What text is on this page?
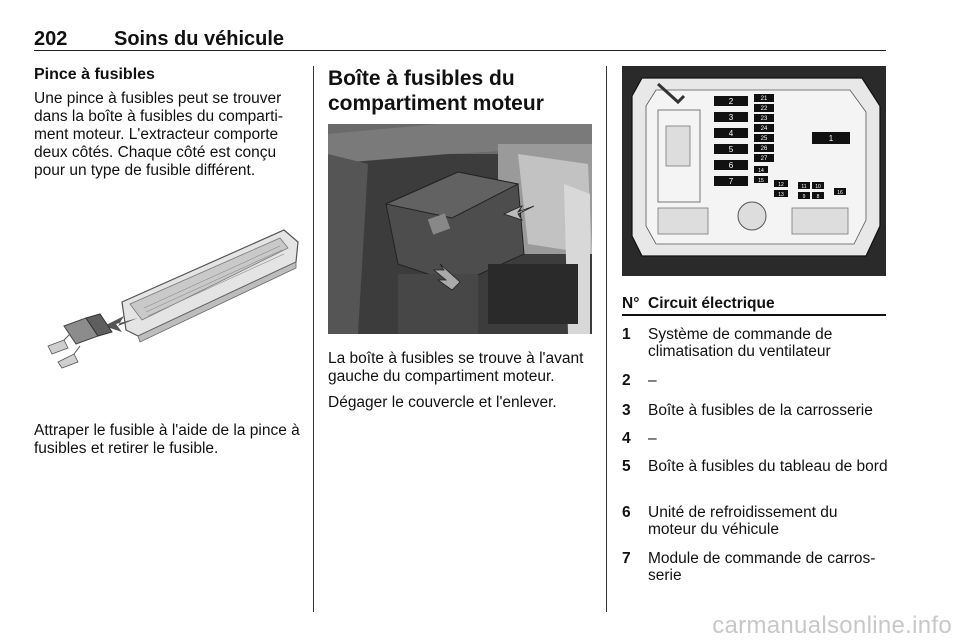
202 Soins du véhicule
Pince à fusibles

Une pince à fusibles peut se trouver dans la boîte à fusibles du comparti-ment moteur. L'extracteur comporte deux côtés. Chaque côté est conçu pour un type de fusible différent.

Attraper le fusible à l'aide de la pince à fusibles et retirer le fusible.

Boîte à fusibles du
compartiment moteur

La boîte à fusibles se trouve à l'avant gauche du compartiment moteur.

Dégager le couvercle et l'enlever.

2
3
4
5
6
7
21
22
23
24
25
26
27
14
15
12
13
11 10
9 8
16
1
N° Circuit électrique
1 Système de commande de climatisation du ventilateur
2 –
3 Boîte à fusibles de la carrosserie
4 –
5 Boîte à fusibles du tableau de bord
6 Unité de refroidissement du moteur du véhicule
7 Module de commande de carros-serie
carmanualsonline.info
